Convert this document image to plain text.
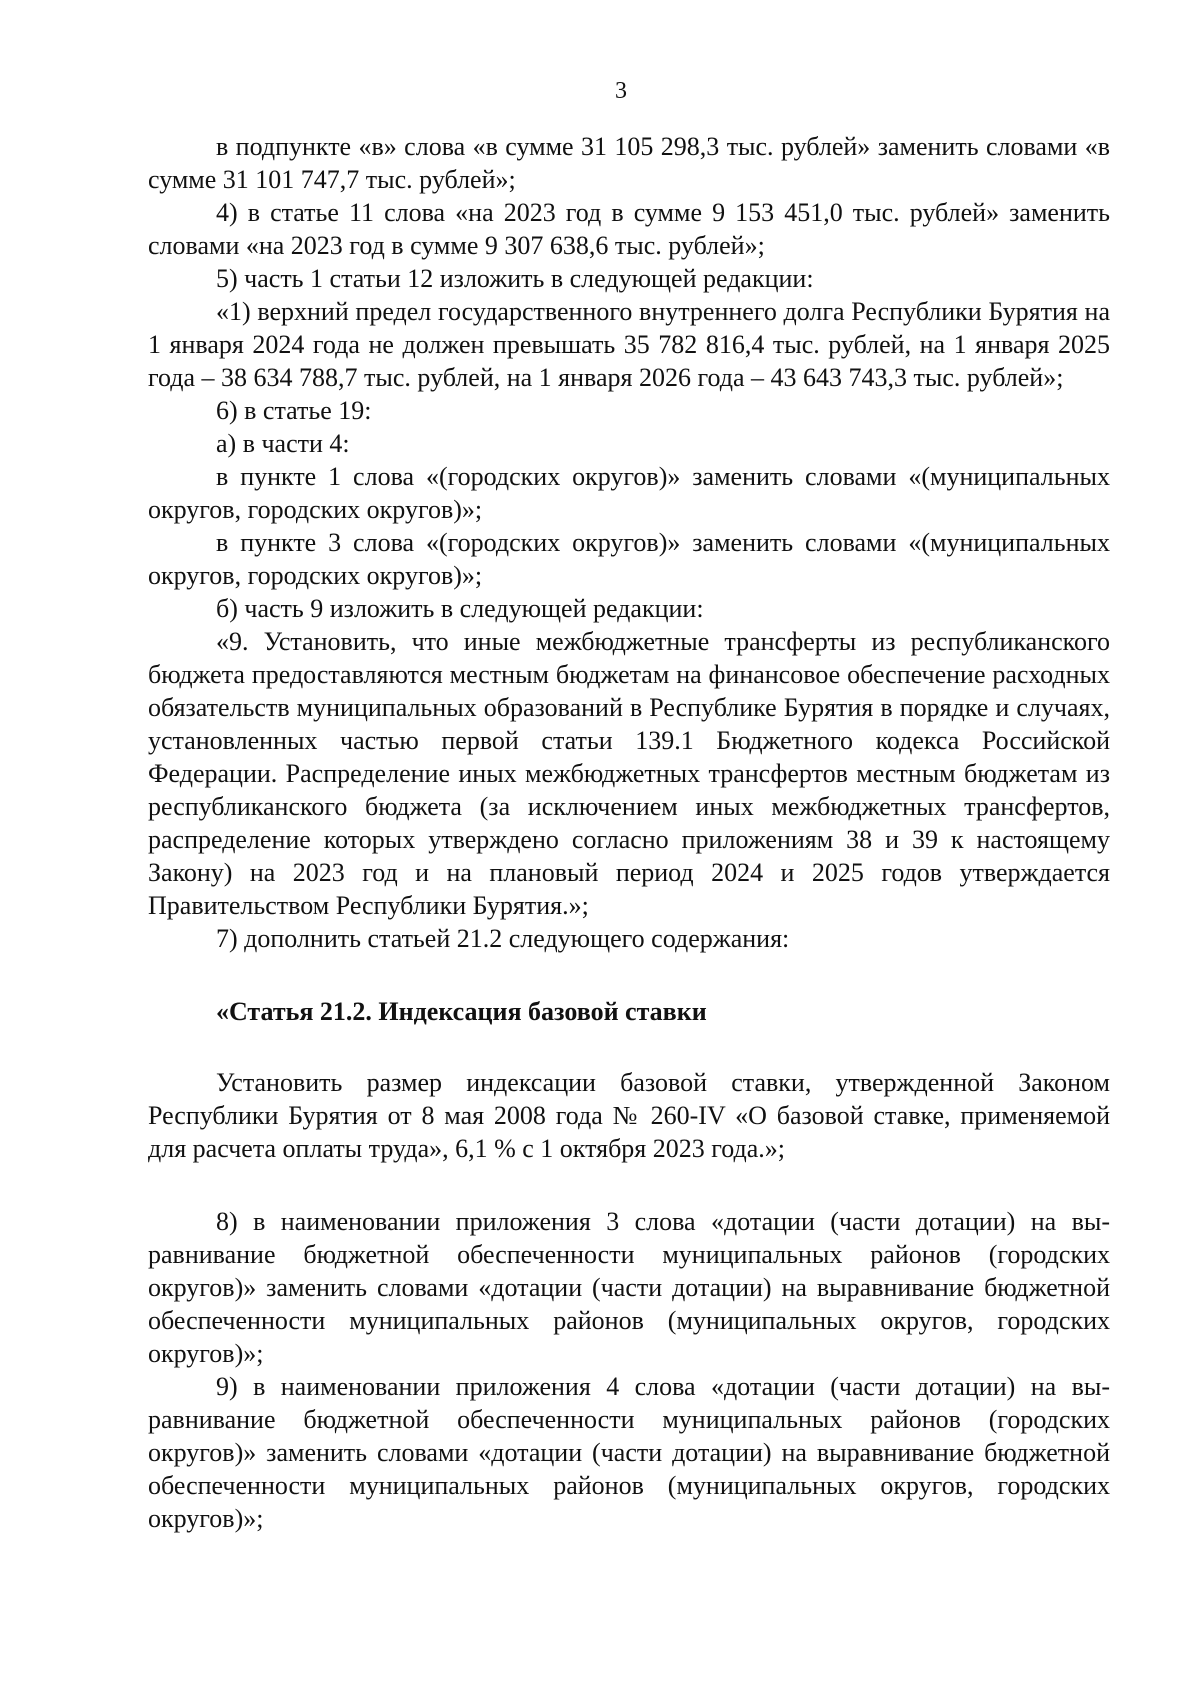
3

в подпункте «в» слова «в сумме 31 105 298,3 тыс. рублей» заменить словами «в сумме 31 101 747,7 тыс. рублей»;

4) в статье 11 слова «на 2023 год в сумме 9 153 451,0 тыс. рублей» заменить словами «на 2023 год в сумме 9 307 638,6 тыс. рублей»;

5) часть 1 статьи 12 изложить в следующей редакции:

«1) верхний предел государственного внутреннего долга Республики Бурятия на 1 января 2024 года не должен превышать 35 782 816,4 тыс. рублей, на 1 января 2025 года – 38 634 788,7 тыс. рублей, на 1 января 2026 года – 43 643 743,3 тыс. рублей»;

6) в статье 19:

а) в части 4:

в пункте 1 слова «(городских округов)» заменить словами «(муниципальных округов, городских округов)»;

в пункте 3 слова «(городских округов)» заменить словами «(муниципальных округов, городских округов)»;

б) часть 9 изложить в следующей редакции:

«9. Установить, что иные межбюджетные трансферты из республиканского бюджета предоставляются местным бюджетам на финансовое обеспечение расходных обязательств муниципальных образований в Республике Бурятия в порядке и случаях, установленных частью первой статьи 139.1 Бюджетного кодекса Российской Федерации. Распределение иных межбюджетных трансфертов местным бюджетам из республиканского бюджета (за исключением иных межбюджетных трансфертов, распределение которых утверждено согласно приложениям 38 и 39 к настоящему Закону) на 2023 год и на плановый период 2024 и 2025 годов утверждается Правительством Республики Бурятия.»;

7) дополнить статьей 21.2 следующего содержания:

«Статья 21.2. Индексация базовой ставки

Установить размер индексации базовой ставки, утвержденной Законом Республики Бурятия от 8 мая 2008 года № 260-IV «О базовой ставке, применяемой для расчета оплаты труда», 6,1 % с 1 октября 2023 года.»;

8) в наименовании приложения 3 слова «дотации (части дотации) на выравнивание бюджетной обеспеченности муниципальных районов (городских округов)» заменить словами «дотации (части дотации) на выравнивание бюджетной обеспеченности муниципальных районов (муниципальных округов, городских округов)»;

9) в наименовании приложения 4 слова «дотации (части дотации) на выравнивание бюджетной обеспеченности муниципальных районов (городских округов)» заменить словами «дотации (части дотации) на выравнивание бюджетной обеспеченности муниципальных районов (муниципальных округов, городских округов)»;
